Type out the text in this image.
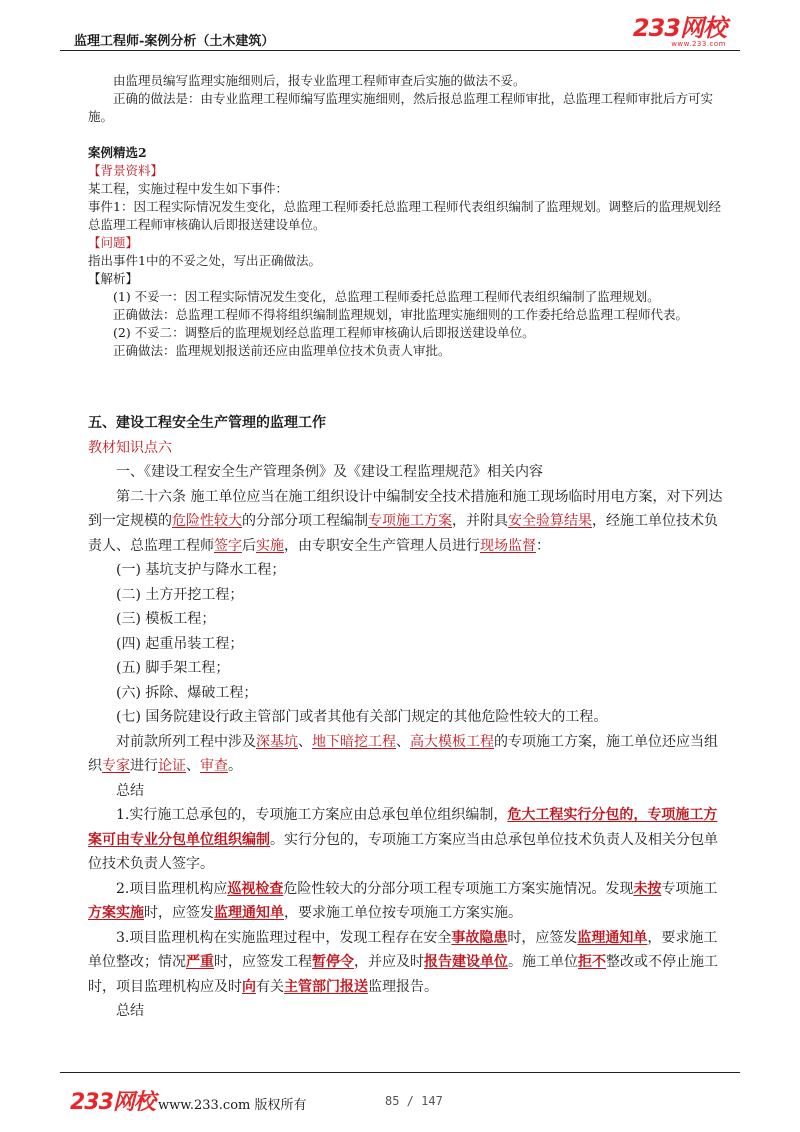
监理工程师-案例分析（土木建筑）	233网校
www.233.com

由监理员编写监理实施细则后，报专业监理工程师审查后实施的做法不妥。

正确的做法是：由专业监理工程师编写监理实施细则，然后报总监理工程师审批，总监理工程师审批后方可实施。

案例精选2

【背景资料】

某工程，实施过程中发生如下事件：

事件1：因工程实际情况发生变化，总监理工程师委托总监理工程师代表组织编制了监理规划。调整后的监理规划经总监理工程师审核确认后即报送建设单位。

【问题】

指出事件1中的不妥之处，写出正确做法。

【解析】

(1) 不妥一：因工程实际情况发生变化，总监理工程师委托总监理工程师代表组织编制了监理规划。

正确做法：总监理工程师不得将组织编制监理规划，审批监理实施细则的工作委托给总监理工程师代表。

(2) 不妥二：调整后的监理规划经总监理工程师审核确认后即报送建设单位。

正确做法：监理规划报送前还应由监理单位技术负责人审批。

五、建设工程安全生产管理的监理工作

教材知识点六

一、《建设工程安全生产管理条例》及《建设工程监理规范》相关内容

第二十六条 施工单位应当在施工组织设计中编制安全技术措施和施工现场临时用电方案，对下列达到一定规模的危险性较大的分部分项工程编制专项施工方案，并附具安全验算结果，经施工单位技术负责人、总监理工程师签字后实施，由专职安全生产管理人员进行现场监督：

(一) 基坑支护与降水工程；

(二) 土方开挖工程；

(三) 模板工程；

(四) 起重吊装工程；

(五) 脚手架工程；

(六) 拆除、爆破工程；

(七) 国务院建设行政主管部门或者其他有关部门规定的其他危险性较大的工程。

对前款所列工程中涉及深基坑、地下暗挖工程、高大模板工程的专项施工方案，施工单位还应当组织专家进行论证、审查。

总结

1.实行施工总承包的，专项施工方案应由总承包单位组织编制，危大工程实行分包的，专项施工方案可由专业分包单位组织编制。实行分包的，专项施工方案应当由总承包单位技术负责人及相关分包单位技术负责人签字。

2.项目监理机构应巡视检查危险性较大的分部分项工程专项施工方案实施情况。发现未按专项施工方案实施时，应签发监理通知单，要求施工单位按专项施工方案实施。

3.项目监理机构在实施监理过程中，发现工程存在安全事故隐患时，应签发监理通知单，要求施工单位整改；情况严重时，应签发工程暂停令，并应及时报告建设单位。施工单位拒不整改或不停止施工时，项目监理机构应及时向有关主管部门报送监理报告。

总结

233网校 www.233.com 版权所有	85 / 147
